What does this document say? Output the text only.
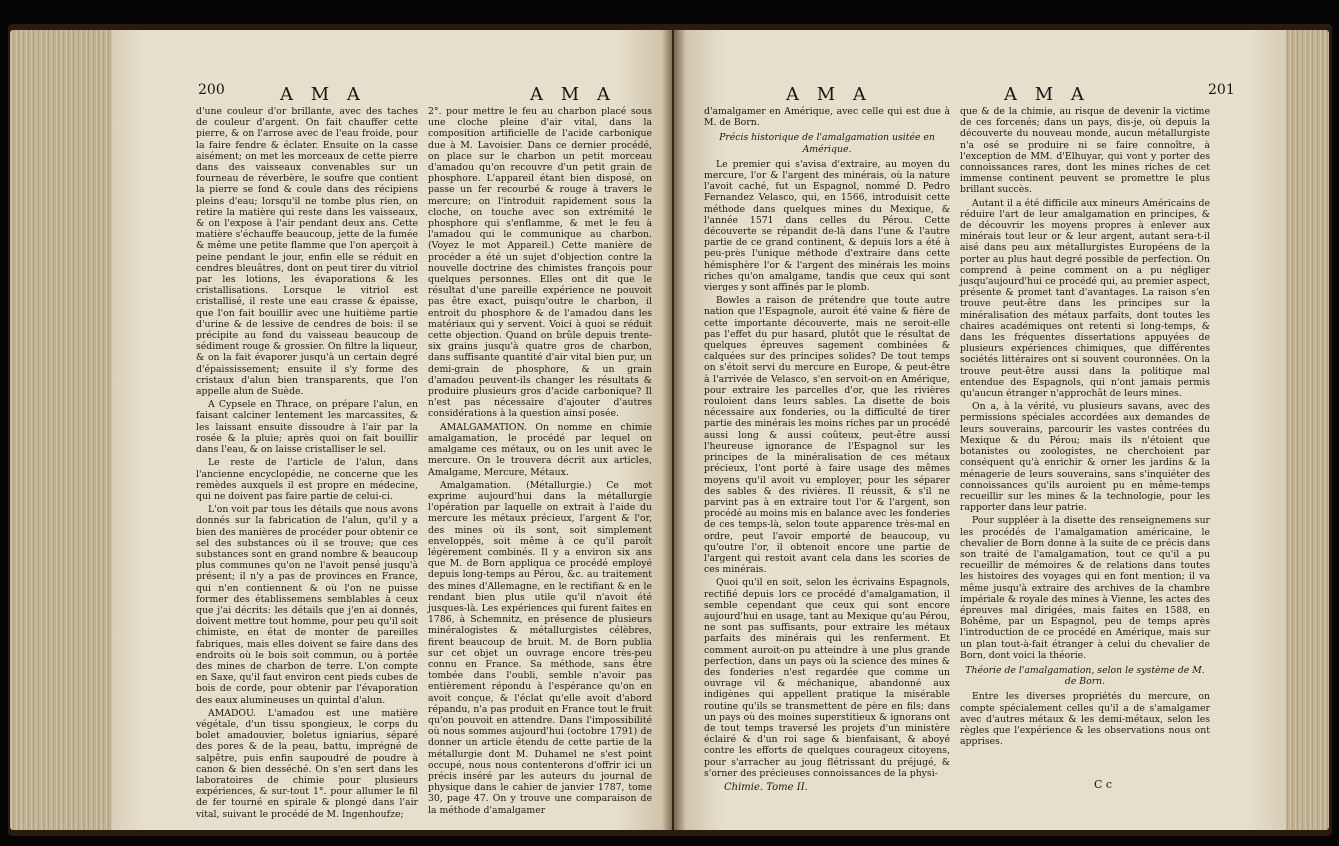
200	A M A	A M A

d'une couleur d'or brillante, avec des taches de couleur d'argent. On fait chauffer cette pierre, & on l'arrose avec de l'eau froide, pour la faire fendre & éclater. Ensuite on la casse aisément; on met les morceaux de cette pierre dans des vaisseaux convenables sur un fourneau de réverbère, le soufre que contient la pierre se fond & coule dans des récipiens pleins d'eau; lorsqu'il ne tombe plus rien, on retire la matière qui reste dans les vaisseaux, & on l'expose à l'air pendant deux ans. Cette matière s'échauffe beaucoup, jette de la fumée & même une petite flamme que l'on aperçoit à peine pendant le jour, enfin elle se réduit en cendres bleuâtres, dont on peut tirer du vitriol par les lotions, les évaporations & les cristallisations. Lorsque le vitriol est cristallisé, il reste une eau crasse & épaisse, que l'on fait bouillir avec une huitième partie d'urine & de lessive de cendres de bois: il se précipite au fond du vaisseau beaucoup de sédiment rouge & grossier. On filtre la liqueur, & on la fait évaporer jusqu'à un certain degré d'épaississement; ensuite il s'y forme des cristaux d'alun bien transparents, que l'on appelle alun de Suède.

A Cypsele en Thrace, on prépare l'alun, en faisant calciner lentement les marcassites, & les laissant ensuite dissoudre à l'air par la rosée & la pluie; après quoi on fait bouillir dans l'eau, & on laisse cristalliser le sel.

Le reste de l'article de l'alun, dans l'ancienne encyclopédie, ne concerne que les remèdes auxquels il est propre en médecine, qui ne doivent pas faire partie de celui-ci.

L'on voit par tous les détails que nous avons donnés sur la fabrication de l'alun, qu'il y a bien des manières de procéder pour obtenir ce sel des substances où il se trouve; que ces substances sont en grand nombre & beaucoup plus communes qu'on ne l'avoit pensé jusqu'à présent; il n'y a pas de provinces en France, qui n'en contiennent & où l'on ne puisse former des établissemens semblables à ceux que j'ai décrits: les détails que j'en ai donnés, doivent mettre tout homme, pour peu qu'il soit chimiste, en état de monter de pareilles fabriques, mais elles doivent se faire dans des endroits où le bois soit commun, ou à portée des mines de charbon de terre. L'on compte en Saxe, qu'il faut environ cent pieds cubes de bois de corde, pour obtenir par l'évaporation des eaux alumineuses un quintal d'alun.

AMADOU. L'amadou est une matière végétale, d'un tissu spongieux, le corps du bolet amadouvier, boletus igniarius, séparé des pores & de la peau, battu, imprégné de salpêtre, puis enfin saupoudré de poudre à canon & bien desséché. On s'en sert dans les laboratoires de chimie pour plusieurs expériences, & sur-tout 1°. pour allumer le fil de fer tourné en spirale & plongé dans l'air vital, suivant le procédé de M. Ingenhoufze;

2°. pour mettre le feu au charbon placé sous une cloche pleine d'air vital, dans la composition artificielle de l'acide carbonique due à M. Lavoisier. Dans ce dernier procédé, on place sur le charbon un petit morceau d'amadou qu'on recouvre d'un petit grain de phosphore. L'appareil étant bien disposé, on passe un fer recourbé & rouge à travers le mercure; on l'introduit rapidement sous la cloche, on touche avec son extrémité le phosphore qui s'enflamme, & met le feu à l'amadou qui le communique au charbon. (Voyez le mot Appareil.) Cette manière de procéder a été un sujet d'objection contre la nouvelle doctrine des chimistes françois pour quelques personnes. Elles ont dit que le résultat d'une pareille expérience ne pouvoit pas être exact, puisqu'outre le charbon, il entroit du phosphore & de l'amadou dans les matériaux qui y servent. Voici à quoi se réduit cette objection. Quand on brûle depuis trente-six grains jusqu'à quatre gros de charbon, dans suffisante quantité d'air vital bien pur, un demi-grain de phosphore, & un grain d'amadou peuvent-ils changer les résultats & produire plusieurs gros d'acide carbonique? Il n'est pas nécessaire d'ajouter d'autres considérations à la question ainsi posée.

AMALGAMATION. On nomme en chimie amalgamation, le procédé par lequel on amalgame ces métaux, ou on les unit avec le mercure. On le trouvera décrit aux articles, Amalgame, Mercure, Métaux.

Amalgamation. (Métallurgie.) Ce mot exprime aujourd'hui dans la métallurgie l'opération par laquelle on extrait à l'aide du mercure les métaux précieux, l'argent & l'or, des mines où ils sont, soit simplement enveloppés, soit même à ce qu'il paroît légèrement combinés. Il y a environ six ans que M. de Born appliqua ce procédé employé depuis long-temps au Pérou, &c. au traitement des mines d'Allemagne, en le rectifiant & en le rendant bien plus utile qu'il n'avoit été jusques-là. Les expériences qui furent faites en 1786, à Schemnitz, en présence de plusieurs minéralogistes & métallurgistes célèbres, firent beaucoup de bruit. M. de Born publia sur cet objet un ouvrage encore très-peu connu en France. Sa méthode, sans être tombée dans l'oubli, semble n'avoir pas entièrement répondu à l'espérance qu'on en avoit conçue, & l'éclat qu'elle avoit d'abord répandu, n'a pas produit en France tout le fruit qu'on pouvoit en attendre. Dans l'impossibilité où nous sommes aujourd'hui (octobre 1791) de donner un article étendu de cette partie de la métallurgie dont M. Duhamel ne s'est point occupé, nous nous contenterons d'offrir ici un précis inséré par les auteurs du journal de physique dans le cahier de janvier 1787, tome 30, page 47. On y trouve une comparaison de la méthode d'amalgamer

A M A	A M A	201

d'amalgamer en Amérique, avec celle qui est due à M. de Born.

Précis historique de l'amalgamation usitée en Amérique.

Le premier qui s'avisa d'extraire, au moyen du mercure, l'or & l'argent des minérais, où la nature l'avoit caché, fut un Espagnol, nommé D. Pedro Fernandez Velasco, qui, en 1566, introduisit cette méthode dans quelques mines du Mexique, & l'année 1571 dans celles du Pérou. Cette découverte se répandit de-là dans l'une & l'autre partie de ce grand continent, & depuis lors a été à peu-près l'unique méthode d'extraire dans cette hémisphère l'or & l'argent des minérais les moins riches qu'on amalgame, tandis que ceux qui sont vierges y sont affinés par le plomb.

Bowles a raison de prétendre que toute autre nation que l'Espagnole, auroit été vaine & fière de cette importante découverte, mais ne seroit-elle pas l'effet du pur hasard, plutôt que le résultat de quelques épreuves sagement combinées & calquées sur des principes solides? De tout temps on s'étoit servi du mercure en Europe, & peut-être à l'arrivée de Velasco, s'en servoit-on en Amérique, pour extraire les parcelles d'or, que les rivières rouloient dans leurs sables. La disette de bois nécessaire aux fonderies, ou la difficulté de tirer partie des minérais les moins riches par un procédé aussi long & aussi coûteux, peut-être aussi l'heureuse ignorance de l'Espagnol sur les principes de la minéralisation de ces métaux précieux, l'ont porté à faire usage des mêmes moyens qu'il avoit vu employer, pour les séparer des sables & des rivières. Il réussit, & s'il ne parvint pas à en extraire tout l'or & l'argent, son procédé au moins mis en balance avec les fonderies de ces temps-là, selon toute apparence très-mal en ordre, peut l'avoir emporté de beaucoup, vu qu'outre l'or, il obtenoit encore une partie de l'argent qui restoit avant cela dans les scories de ces minérais.

Quoi qu'il en soit, selon les écrivains Espagnols, rectifié depuis lors ce procédé d'amalgamation, il semble cependant que ceux qui sont encore aujourd'hui en usage, tant au Mexique qu'au Pérou, ne sont pas suffisants, pour extraire les métaux parfaits des minérais qui les renferment. Et comment auroit-on pu atteindre à une plus grande perfection, dans un pays où la science des mines & des fonderies n'est regardée que comme un ouvrage vil & méchanique, abandonné aux indigènes qui appellent pratique la misérable routine qu'ils se transmettent de père en fils; dans un pays où des moines superstitieux & ignorans ont de tout temps traversé les projets d'un ministère éclairé & d'un roi sage & bienfaisant, & aboyé contre les efforts de quelques courageux citoyens, pour s'arracher au joug flétrissant du préjugé, & s'orner des précieuses connoissances de la physi-

Chimie. Tome II.

que & de la chimie, au risque de devenir la victime de ces forcenés; dans un pays, dis-je, où depuis la découverte du nouveau monde, aucun métallurgiste n'a osé se produire ni se faire connoître, à l'exception de MM. d'Elhuyar, qui vont y porter des connoissances rares, dont les mines riches de cet immense continent peuvent se promettre le plus brillant succès.

Autant il a été difficile aux mineurs Américains de réduire l'art de leur amalgamation en principes, & de découvrir les moyens propres à enlever aux minérais tout leur or & leur argent, autant sera-t-il aisé dans peu aux métallurgistes Européens de la porter au plus haut degré possible de perfection. On comprend à peine comment on a pu négliger jusqu'aujourd'hui ce procédé qui, au premier aspect, présente & promet tant d'avantages. La raison s'en trouve peut-être dans les principes sur la minéralisation des métaux parfaits, dont toutes les chaires académiques ont retenti si long-temps, & dans les fréquentes dissertations appuyées de plusieurs expériences chimiques, que différentes sociétés littéraires ont si souvent couronnées. On la trouve peut-être aussi dans la politique mal entendue des Espagnols, qui n'ont jamais permis qu'aucun étranger n'approchât de leurs mines.

On a, à la vérité, vu plusieurs savans, avec des permissions spéciales accordées aux demandes de leurs souverains, parcourir les vastes contrées du Mexique & du Pérou; mais ils n'étoient que botanistes ou zoologistes, ne cherchoient par conséquent qu'à enrichir & orner les jardins & la ménagerie de leurs souverains, sans s'inquiéter des connoissances qu'ils auroient pu en même-temps recueillir sur les mines & la technologie, pour les rapporter dans leur patrie.

Pour suppléer à la disette des renseignemens sur les procédés de l'amalgamation américaine, le chevalier de Born donne à la suite de ce précis dans son traité de l'amalgamation, tout ce qu'il a pu recueillir de mémoires & de relations dans toutes les histoires des voyages qui en font mention; il va même jusqu'à extraire des archives de la chambre impériale & royale des mines à Vienne, les actes des épreuves mal dirigées, mais faites en 1588, en Bohême, par un Espagnol, peu de temps après l'introduction de ce procédé en Amérique, mais sur un plan tout-à-fait étranger à celui du chevalier de Born, dont voici la théorie.

Théorie de l'amalgamation, selon le système de M. de Born.

Entre les diverses propriétés du mercure, on compte spécialement celles qu'il a de s'amalgamer avec d'autres métaux & les demi-métaux, selon les règles que l'expérience & les observations nous ont apprises.

C c
